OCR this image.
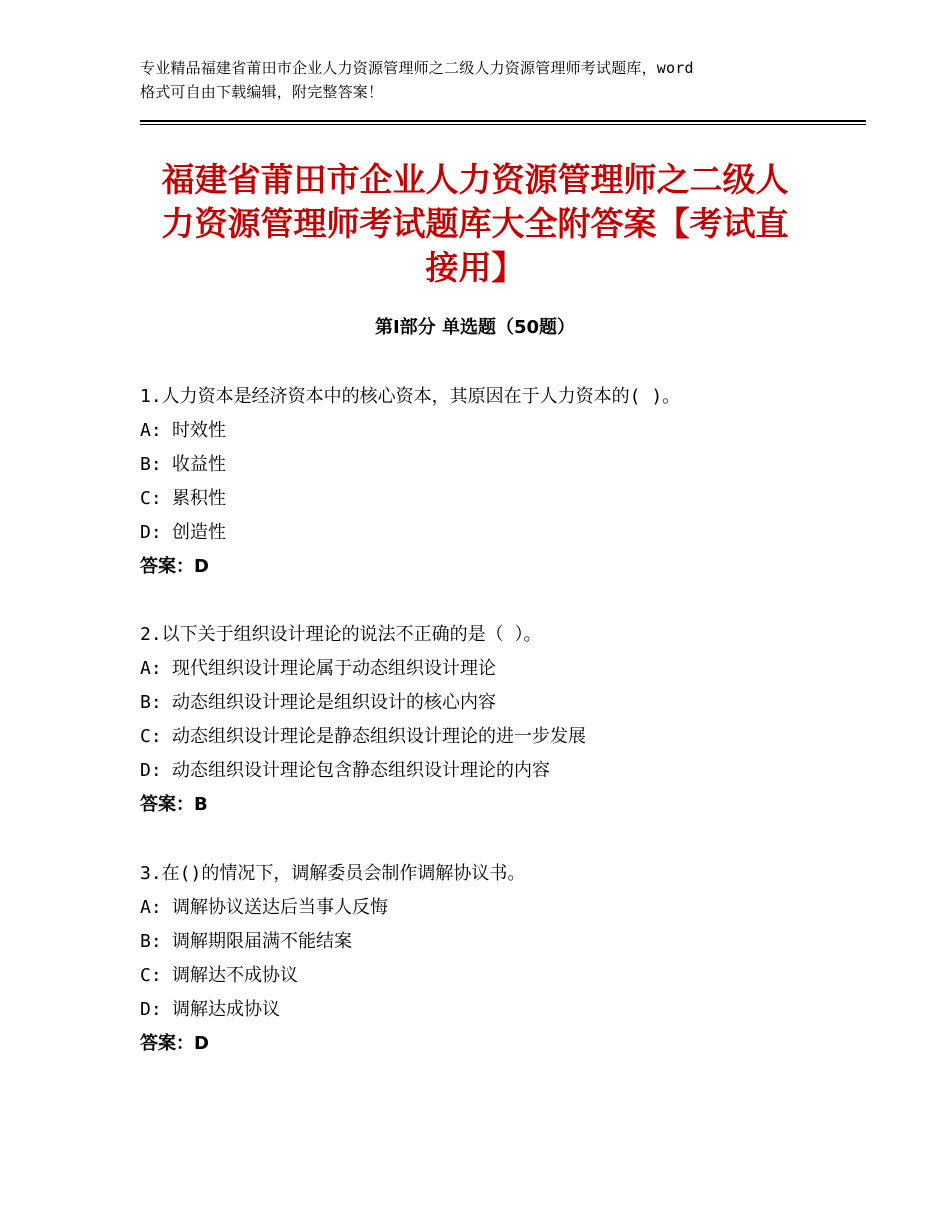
专业精品福建省莆田市企业人力资源管理师之二级人力资源管理师考试题库，word
格式可自由下载编辑，附完整答案！
福建省莆田市企业人力资源管理师之二级人
力资源管理师考试题库大全附答案【考试直
接用】
第Ⅰ部分 单选题（50题）
1.人力资本是经济资本中的核心资本，其原因在于人力资本的( )。
A: 时效性
B: 收益性
C: 累积性
D: 创造性
答案：D
2.以下关于组织设计理论的说法不正确的是（ ）。
A: 现代组织设计理论属于动态组织设计理论
B: 动态组织设计理论是组织设计的核心内容
C: 动态组织设计理论是静态组织设计理论的进一步发展
D: 动态组织设计理论包含静态组织设计理论的内容
答案：B
3.在()的情况下，调解委员会制作调解协议书。
A: 调解协议送达后当事人反悔
B: 调解期限届满不能结案
C: 调解达不成协议
D: 调解达成协议
答案：D
